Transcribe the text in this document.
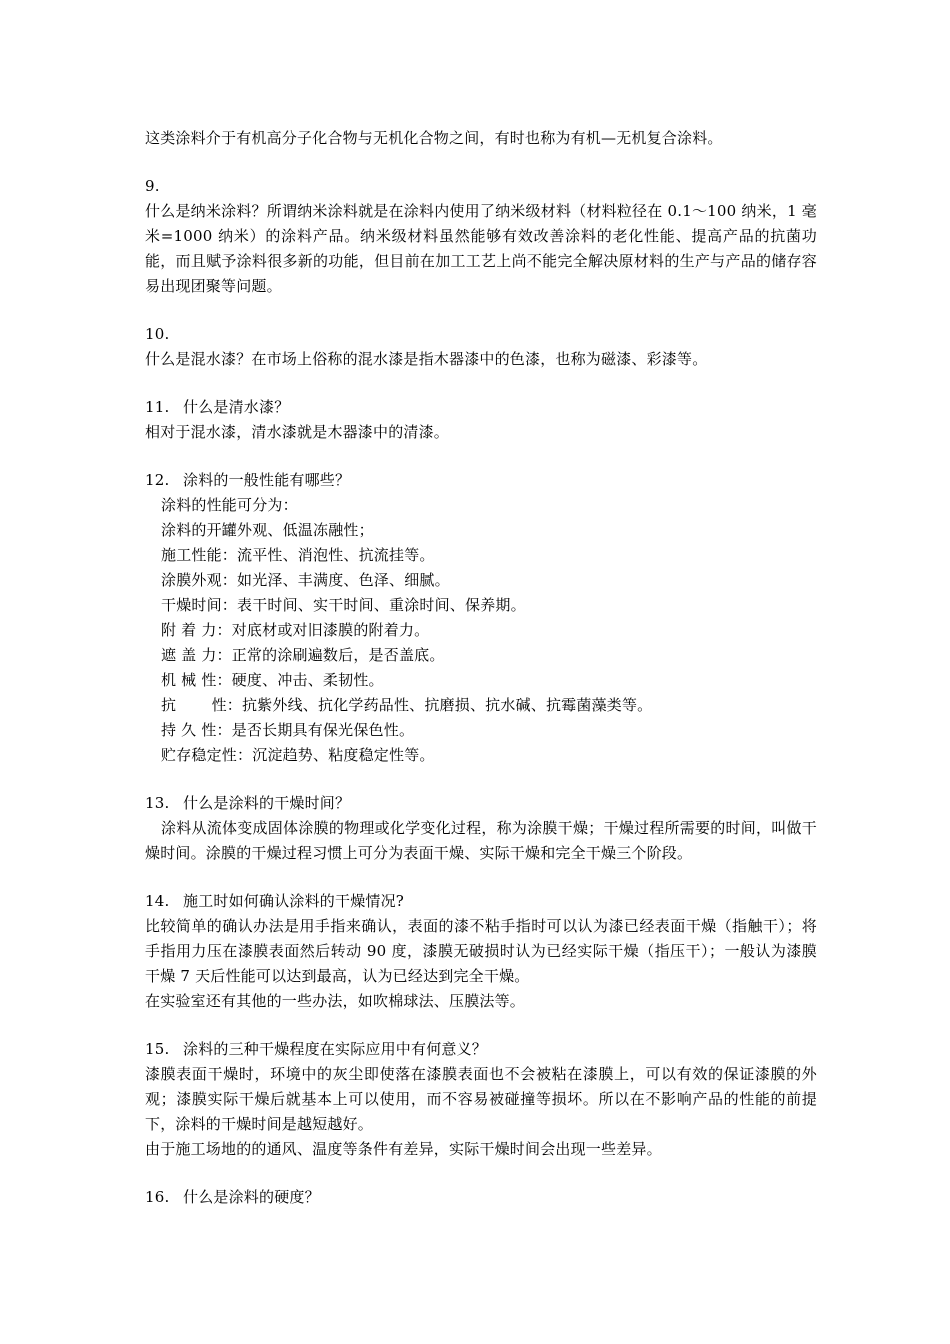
这类涂料介于有机高分子化合物与无机化合物之间，有时也称为有机—无机复合涂料。
9.

什么是纳米涂料？所谓纳米涂料就是在涂料内使用了纳米级材料（材料粒径在 0.1～100 纳米，1 毫米=1000 纳米）的涂料产品。纳米级材料虽然能够有效改善涂料的老化性能、提高产品的抗菌功能，而且赋予涂料很多新的功能，但目前在加工工艺上尚不能完全解决原材料的生产与产品的储存容易出现团聚等问题。

10.
什么是混水漆？在市场上俗称的混水漆是指木器漆中的色漆，也称为磁漆、彩漆等。
11. 什么是清水漆？
相对于混水漆，清水漆就是木器漆中的清漆。
12. 涂料的一般性能有哪些？
涂料的性能可分为：
涂料的开罐外观、低温冻融性；
施工性能：流平性、消泡性、抗流挂等。
涂膜外观：如光泽、丰满度、色泽、细腻。
干燥时间：表干时间、实干时间、重涂时间、保养期。
附 着 力：对底材或对旧漆膜的附着力。
遮 盖 力：正常的涂刷遍数后，是否盖底。
机 械 性：硬度、冲击、柔韧性。
抗　　 性：抗紫外线、抗化学药品性、抗磨损、抗水碱、抗霉菌藻类等。
持 久 性：是否长期具有保光保色性。
贮存稳定性：沉淀趋势、粘度稳定性等。
13. 什么是涂料的干燥时间？

涂料从流体变成固体涂膜的物理或化学变化过程，称为涂膜干燥；干燥过程所需要的时间，叫做干燥时间。涂膜的干燥过程习惯上可分为表面干燥、实际干燥和完全干燥三个阶段。

14. 施工时如何确认涂料的干燥情况?

比较简单的确认办法是用手指来确认，表面的漆不粘手指时可以认为漆已经表面干燥（指触干）；将手指用力压在漆膜表面然后转动 90 度，漆膜无破损时认为已经实际干燥（指压干）；一般认为漆膜干燥 7 天后性能可以达到最高，认为已经达到完全干燥。

在实验室还有其他的一些办法，如吹棉球法、压膜法等。
15. 涂料的三种干燥程度在实际应用中有何意义？

漆膜表面干燥时，环境中的灰尘即使落在漆膜表面也不会被粘在漆膜上，可以有效的保证漆膜的外观；漆膜实际干燥后就基本上可以使用，而不容易被碰撞等损坏。所以在不影响产品的性能的前提下，涂料的干燥时间是越短越好。

由于施工场地的的通风、温度等条件有差异，实际干燥时间会出现一些差异。
16. 什么是涂料的硬度？
